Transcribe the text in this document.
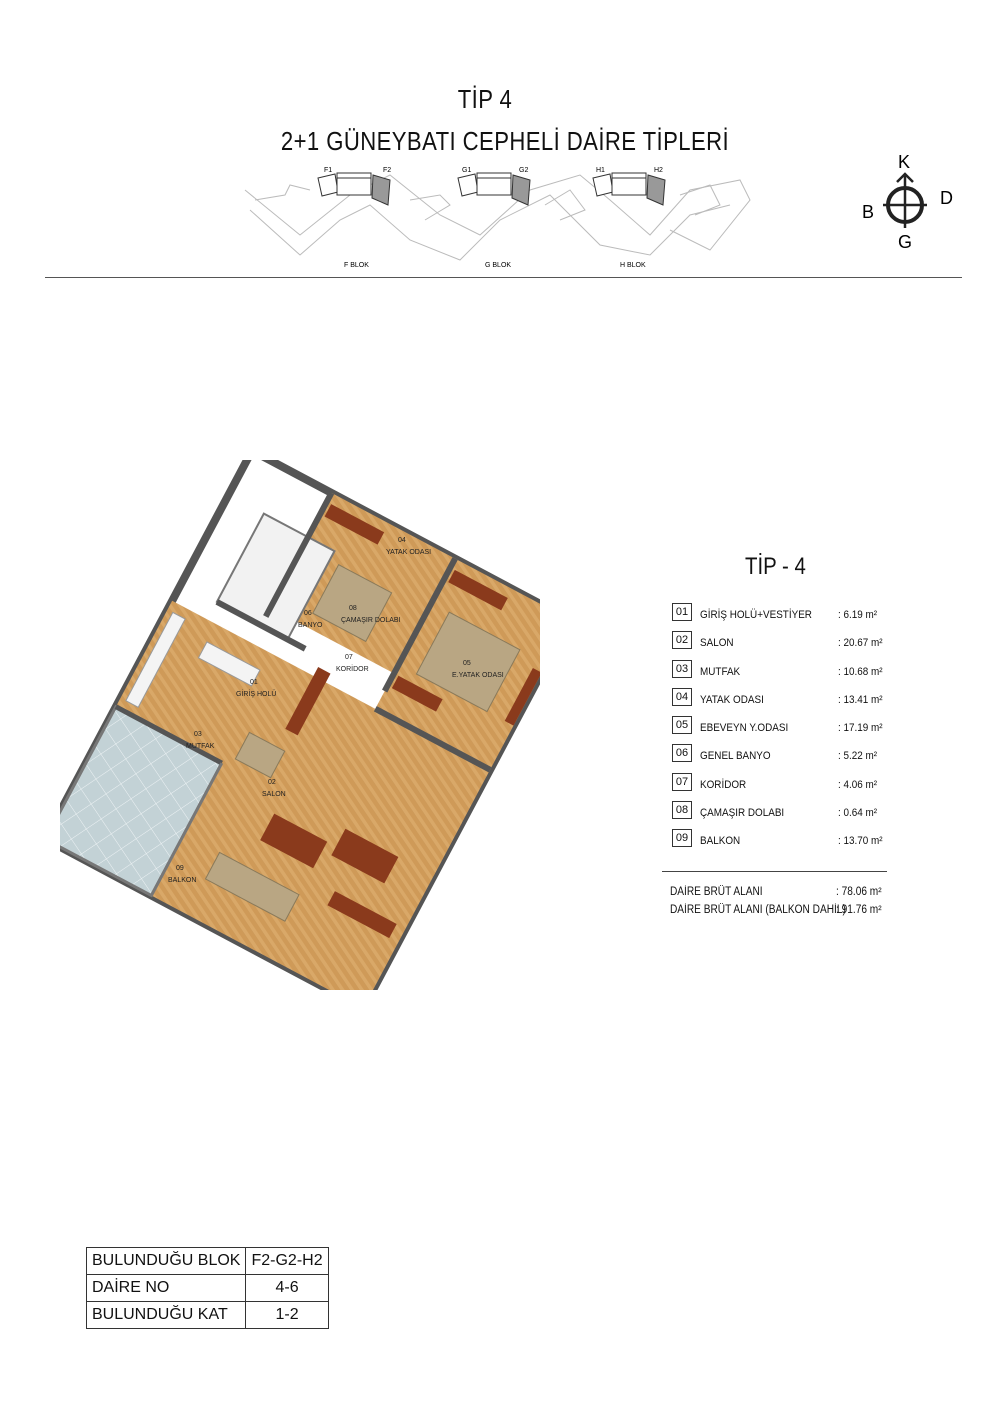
TİP 4
2+1 GÜNEYBATI CEPHELİ DAİRE TİPLERİ
F1	F2	G1	G2	H1	H2
F BLOK	G BLOK	H BLOK
K
G
D
B
01
GİRİŞ HOLÜ
02
SALON
03
MUTFAK
04
YATAK ODASI
05
E.YATAK ODASI
06
BANYO
07
KORİDOR
08
ÇAMAŞIR DOLABI
09
BALKON
TİP - 4
01	GİRİŞ HOLÜ+VESTİYER : 6.19 m²
02	SALON	: 20.67 m²
03	MUTFAK	: 10.68 m²
04	YATAK ODASI	: 13.41 m²
05	EBEVEYN Y.ODASI	: 17.19 m²
06	GENEL BANYO	: 5.22 m²
07	KORİDOR	: 4.06 m²
08	ÇAMAŞIR DOLABI	: 0.64 m²
09	BALKON	: 13.70 m²
DAİRE BRÜT ALANI	: 78.06 m²
DAİRE BRÜT ALANI (BALKON DAHİL)
: 91.76 m²
BULUNDUĞU BLOK	F2-G2-H2
DAİRE NO	4-6
BULUNDUĞU KAT	1-2
